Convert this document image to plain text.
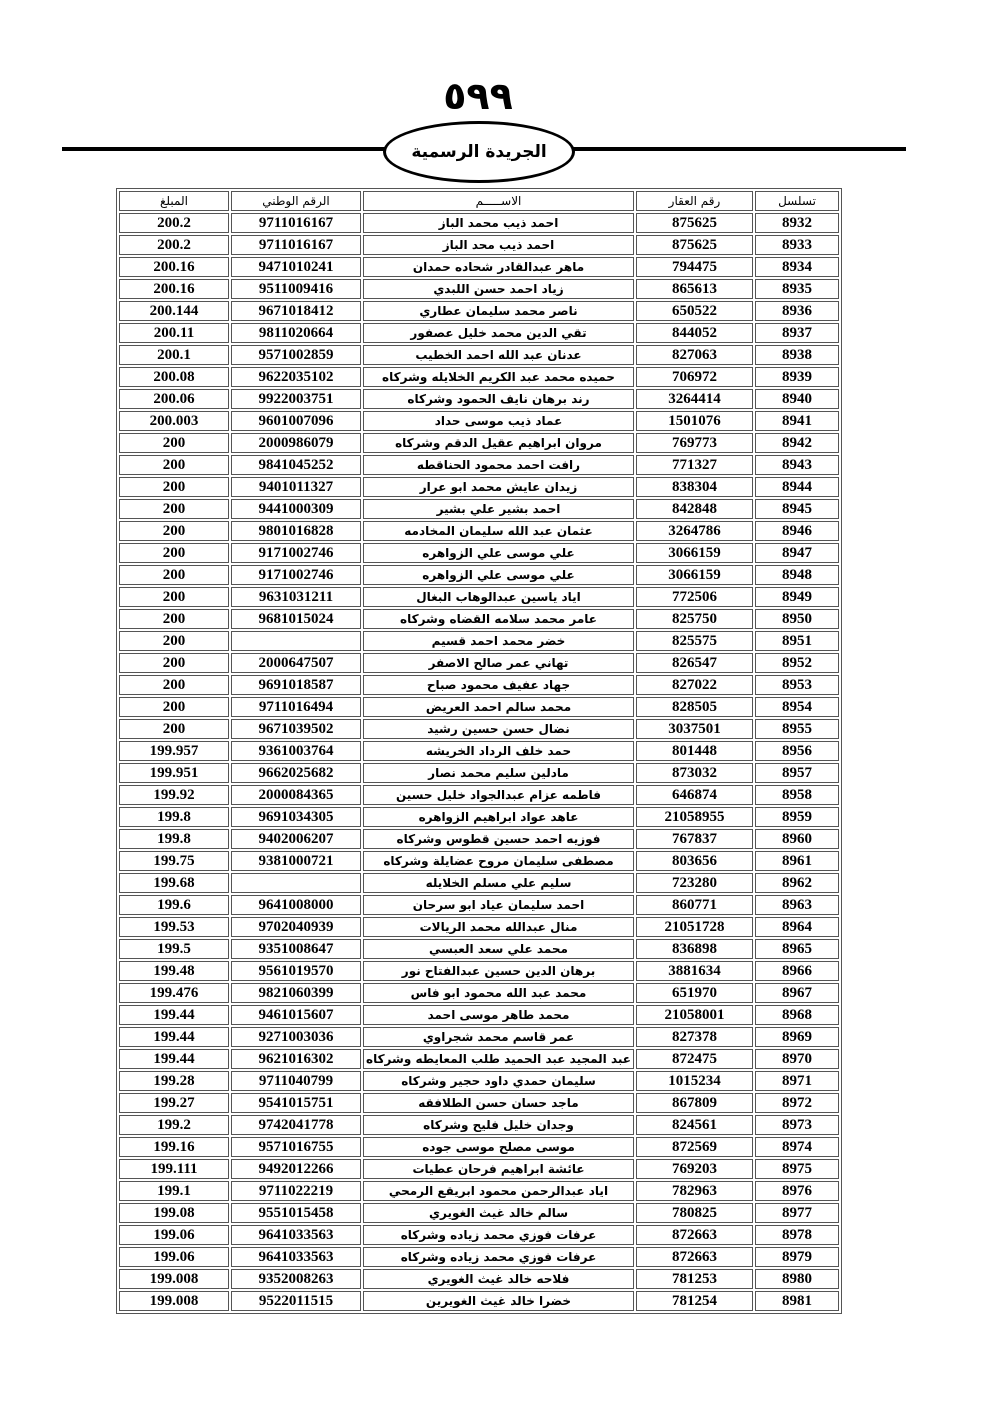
٥٩٩
الجريدة الرسمية
تسلسل	رقم العقار	الاســـــم	الرقم الوطني	المبلغ
8932	875625	احمد ذيب محمد الباز	9711016167	200.2
8933	875625	احمد ذيب محد الباز	9711016167	200.2
8934	794475	ماهر عبدالقادر شحاده حمدان	9471010241	200.16
8935	865613	زياد احمد حسن اللبدي	9511009416	200.16
8936	650522	ناصر محمد سليمان عطاري	9671018412	200.144
8937	844052	تقي الدين محمد خليل عصفور	9811020664	200.11
8938	827063	عدنان عبد الله احمد الخطيب	9571002859	200.1
8939	706972	حميده محمد عبد الكريم الخلايله وشركاه	9622035102	200.08
8940	3264414	رند برهان نايف الحمود وشركاه	9922003751	200.06
8941	1501076	عماد ذيب موسى حداد	9601007096	200.003
8942	769773	مروان ابراهيم عقيل الدقم وشركاه	2000986079	200
8943	771327	رافت احمد محمود الحناقطه	9841045252	200
8944	838304	زيدان عايش محمد ابو عرار	9401011327	200
8945	842848	احمد بشير علي بشير	9441000309	200
8946	3264786	عثمان عبد الله سليمان المخادمه	9801016828	200
8947	3066159	علي موسى علي الزواهره	9171002746	200
8948	3066159	علي موسى علي الزواهره	9171002746	200
8949	772506	اياد ياسين عبدالوهاب البغال	9631031211	200
8950	825750	عامر محمد سلامه القضاه وشركاه	9681015024	200
8951	825575	خضر محمد احمد قسيم		200
8952	826547	تهاني عمر صالح الاصفر	2000647507	200
8953	827022	جهاد عفيف محمود صباح	9691018587	200
8954	828505	محمد سالم احمد العريض	9711016494	200
8955	3037501	نضال حسن حسين رشيد	9671039502	200
8956	801448	حمد خلف الرداد الخريشه	9361003764	199.957
8957	873032	مادلين سليم محمد نصار	9662025682	199.951
8958	646874	فاطمه عزام عبدالجواد خليل حسين	2000084365	199.92
8959	21058955	عاهد عواد ابراهيم الزواهره	9691034305	199.8
8960	767837	فوزيه احمد حسين قطوس وشركاه	9402006207	199.8
8961	803656	مصطفى سليمان مروح عضايلة وشركاه	9381000721	199.75
8962	723280	سليم علي مسلم الخلايله		199.68
8963	860771	احمد سليمان عياد ابو سرحان	9641008000	199.6
8964	21051728	منال عبدالله محمد الريالات	9702040939	199.53
8965	836898	محمد علي سعد العبسي	9351008647	199.5
8966	3881634	برهان الدين حسين عبدالفتاح نور	9561019570	199.48
8967	651970	محمد عبد الله محمود ابو فاس	9821060399	199.476
8968	21058001	محمد طاهر موسى احمد	9461015607	199.44
8969	827378	عمر قاسم محمد شجراوي	9271003036	199.44
8970	872475	عبد المجيد عبد الحميد طلب المعايطه وشركاه	9621016302	199.44
8971	1015234	سليمان حمدي داود حجير وشركاه	9711040799	199.28
8972	867809	ماجد حسان حسن الطلافقه	9541015751	199.27
8973	824561	وجدان خليل فليح وشركاه	9742041778	199.2
8974	872569	موسى مصلح موسى جوده	9571016755	199.16
8975	769203	عائشة ابراهيم فرحان عطيات	9492012266	199.111
8976	782963	اياد عبدالرحمن محمود ابريقع الرمحي	9711022219	199.1
8977	780825	سالم خالد غيث الغويري	9551015458	199.08
8978	872663	عرفات فوزي محمد زياده وشركاه	9641033563	199.06
8979	872663	عرفات فوزي محمد زياده وشركاه	9641033563	199.06
8980	781253	فلاحه خالد غيث الغويري	9352008263	199.008
8981	781254	خضرا خالد غيث الغويرين	9522011515	199.008
